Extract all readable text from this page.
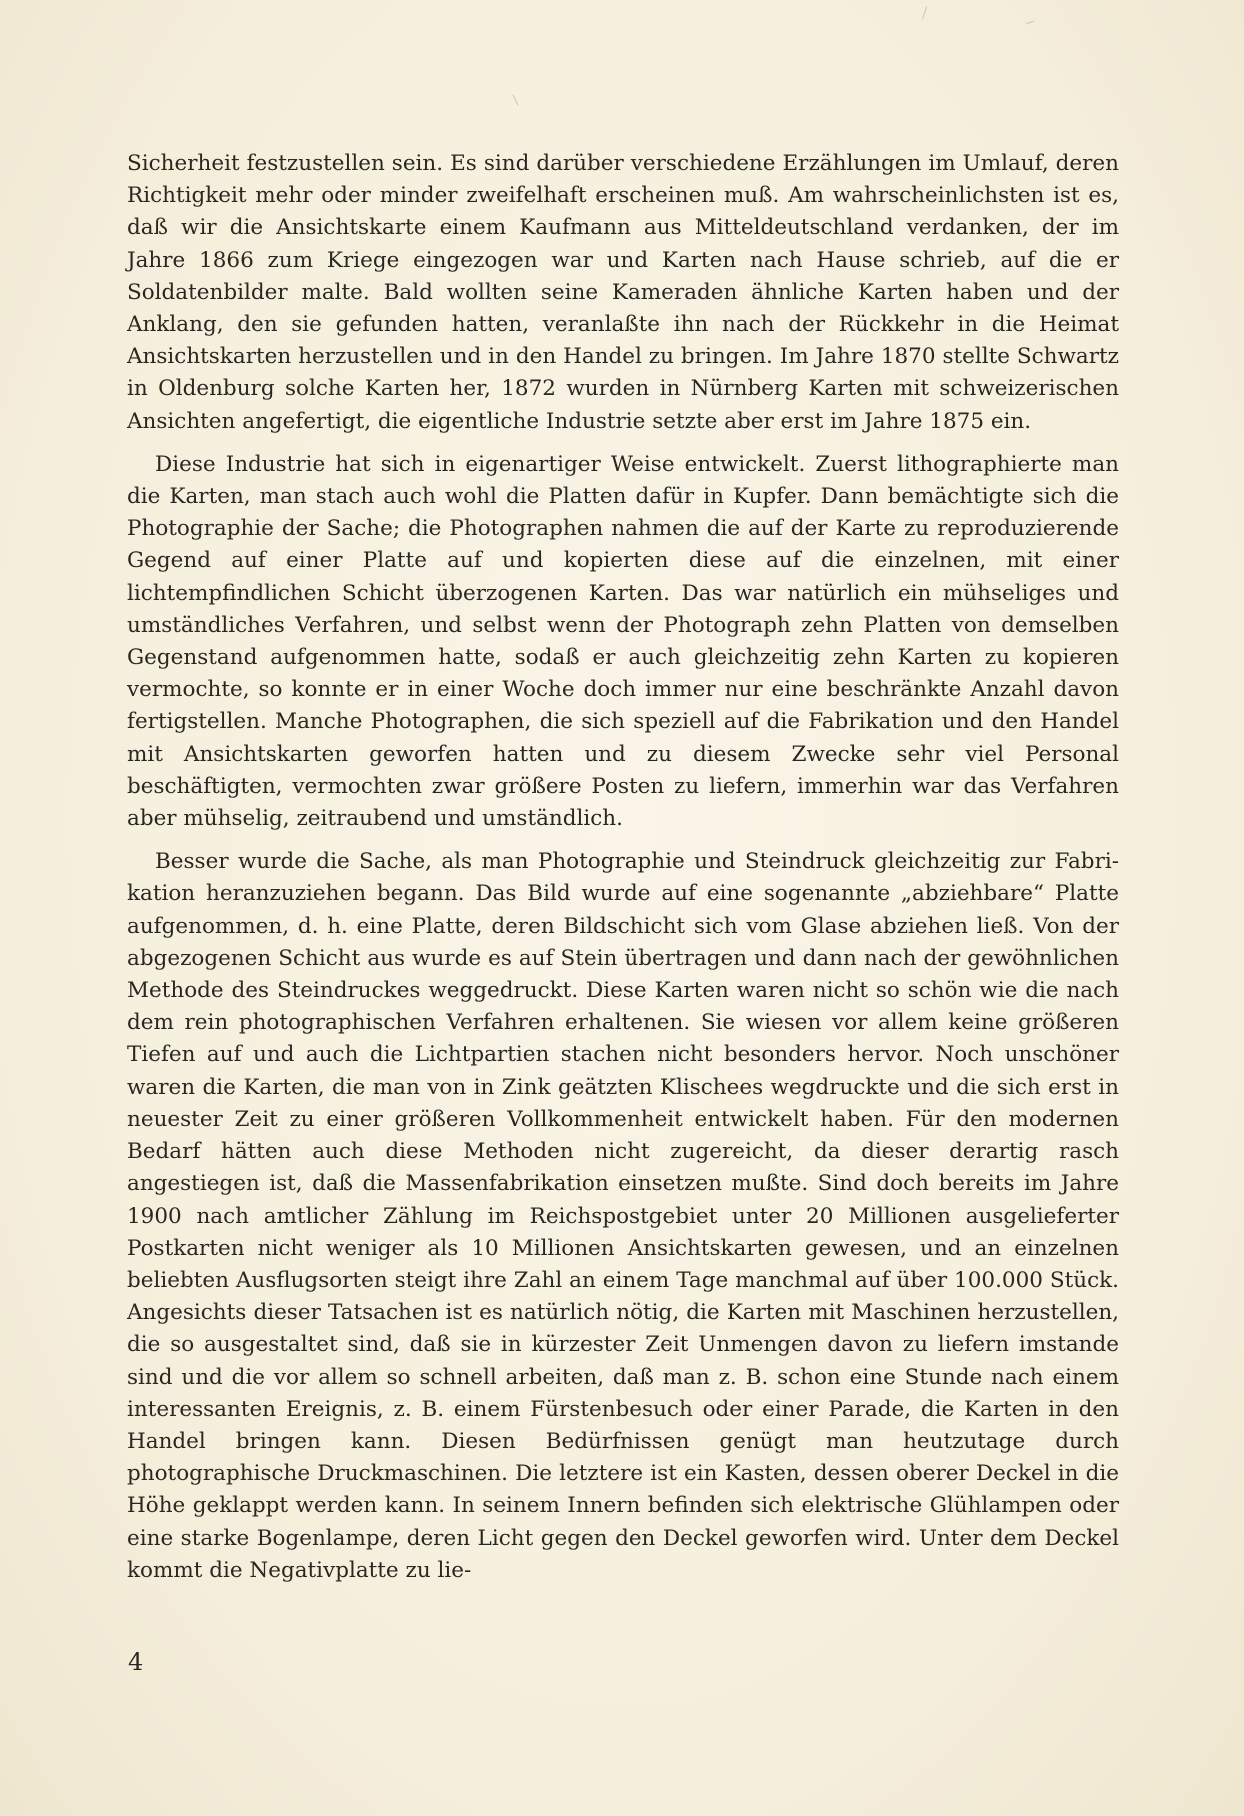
Sicherheit festzustellen sein. Es sind darüber verschiedene Erzählungen im Umlauf, deren Richtigkeit mehr oder minder zweifelhaft erscheinen muß. Am wahrscheinlichsten ist es, daß wir die Ansichtskarte einem Kaufmann aus Mitteldeutschland verdanken, der im Jahre 1866 zum Kriege eingezogen war und Karten nach Hause schrieb, auf die er Soldatenbilder malte. Bald wollten seine Kameraden ähnliche Karten haben und der Anklang, den sie gefunden hatten, veranlaßte ihn nach der Rückkehr in die Heimat Ansichtskarten herzustellen und in den Handel zu bringen. Im Jahre 1870 stellte Schwartz in Oldenburg solche Karten her, 1872 wurden in Nürnberg Karten mit schweizerischen Ansichten angefertigt, die eigentliche Industrie setzte aber erst im Jahre 1875 ein.

Diese Industrie hat sich in eigenartiger Weise entwickelt. Zuerst lithographierte man die Karten, man stach auch wohl die Platten dafür in Kupfer. Dann bemächtigte sich die Photographie der Sache; die Photographen nahmen die auf der Karte zu reproduzierende Gegend auf einer Platte auf und kopierten diese auf die einzelnen, mit einer lichtempfindlichen Schicht überzogenen Karten. Das war natürlich ein mühseliges und umständliches Verfahren, und selbst wenn der Photograph zehn Platten von demselben Gegenstand aufgenommen hatte, sodaß er auch gleichzeitig zehn Karten zu kopieren vermochte, so konnte er in einer Woche doch immer nur eine beschränkte Anzahl davon fertigstellen. Manche Photographen, die sich speziell auf die Fabrikation und den Handel mit Ansichtskarten geworfen hatten und zu diesem Zwecke sehr viel Personal beschäftigten, vermochten zwar größere Posten zu liefern, immerhin war das Verfahren aber mühselig, zeitraubend und umständlich.

Besser wurde die Sache, als man Photographie und Steindruck gleichzeitig zur Fabrikation heranzuziehen begann. Das Bild wurde auf eine sogenannte „abziehbare“ Platte aufgenommen, d. h. eine Platte, deren Bildschicht sich vom Glase abziehen ließ. Von der abgezogenen Schicht aus wurde es auf Stein übertragen und dann nach der gewöhnlichen Methode des Steindruckes weggedruckt. Diese Karten waren nicht so schön wie die nach dem rein photographischen Verfahren erhaltenen. Sie wiesen vor allem keine größeren Tiefen auf und auch die Lichtpartien stachen nicht besonders hervor. Noch unschöner waren die Karten, die man von in Zink geätzten Klischees wegdruckte und die sich erst in neuester Zeit zu einer größeren Vollkommenheit entwickelt haben. Für den modernen Bedarf hätten auch diese Methoden nicht zugereicht, da dieser derartig rasch angestiegen ist, daß die Massenfabrikation einsetzen mußte. Sind doch bereits im Jahre 1900 nach amtlicher Zählung im Reichspostgebiet unter 20 Millionen ausgelieferter Postkarten nicht weniger als 10 Millionen Ansichtskarten gewesen, und an einzelnen beliebten Ausflugsorten steigt ihre Zahl an einem Tage manchmal auf über 100.000 Stück. Angesichts dieser Tatsachen ist es natürlich nötig, die Karten mit Maschinen herzustellen, die so ausgestaltet sind, daß sie in kürzester Zeit Unmengen davon zu liefern imstande sind und die vor allem so schnell arbeiten, daß man z. B. schon eine Stunde nach einem interessanten Ereignis, z. B. einem Fürstenbesuch oder einer Parade, die Karten in den Handel bringen kann. Diesen Bedürfnissen genügt man heutzutage durch photographische Druckmaschinen. Die letztere ist ein Kasten, dessen oberer Deckel in die Höhe geklappt werden kann. In seinem Innern befinden sich elektrische Glühlampen oder eine starke Bogenlampe, deren Licht gegen den Deckel geworfen wird. Unter dem Deckel kommt die Negativplatte zu lie-

4
